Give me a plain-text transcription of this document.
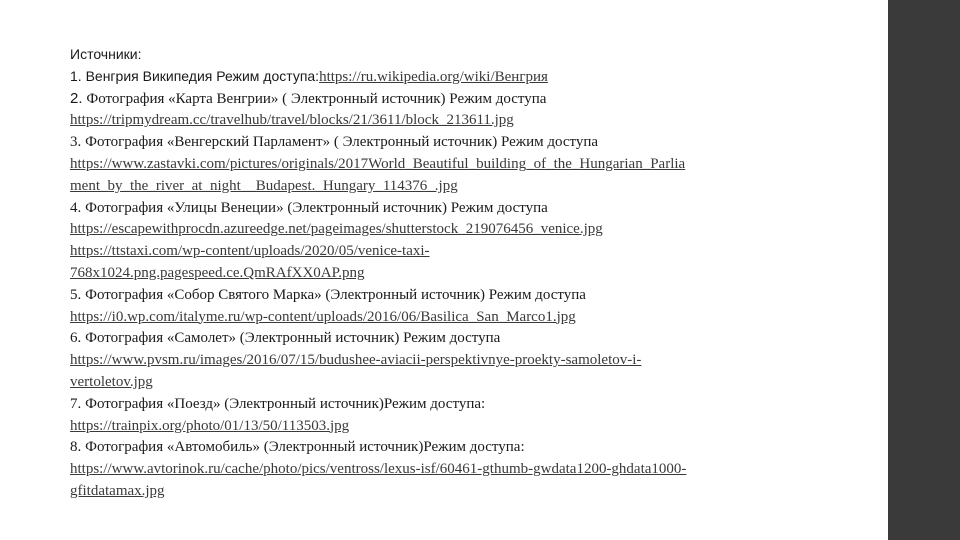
Источники:
1. Венгрия Википедия Режим доступа:https://ru.wikipedia.org/wiki/Венгрия
2. Фотография «Карта Венгрии» ( Электронный источник) Режим доступа
https://tripmydream.cc/travelhub/travel/blocks/21/3611/block_213611.jpg
3. Фотография «Венгерский Парламент» ( Электронный источник) Режим доступа
https://www.zastavki.com/pictures/originals/2017World_Beautiful_building_of_the_Hungarian_Parlia
ment_by_the_river_at_night__Budapest._Hungary_114376_.jpg
4. Фотография «Улицы Венеции» (Электронный источник) Режим доступа
https://escapewithprocdn.azureedge.net/pageimages/shutterstock_219076456_venice.jpg
https://ttstaxi.com/wp-content/uploads/2020/05/venice-taxi-
768x1024.png.pagespeed.ce.QmRAfXX0AP.png
5. Фотография «Собор Святого Марка» (Электронный источник) Режим доступа
https://i0.wp.com/italyme.ru/wp-content/uploads/2016/06/Basilica_San_Marco1.jpg
6. Фотография «Самолет» (Электронный источник) Режим доступа
https://www.pvsm.ru/images/2016/07/15/budushee-aviacii-perspektivnye-proekty-samoletov-i-
vertoletov.jpg
7. Фотография «Поезд» (Электронный источник)Режим доступа:
https://trainpix.org/photo/01/13/50/113503.jpg
8. Фотография «Автомобиль» (Электронный источник)Режим доступа:
https://www.avtorinok.ru/cache/photo/pics/ventross/lexus-isf/60461-gthumb-gwdata1200-ghdata1000-
gfitdatamax.jpg
